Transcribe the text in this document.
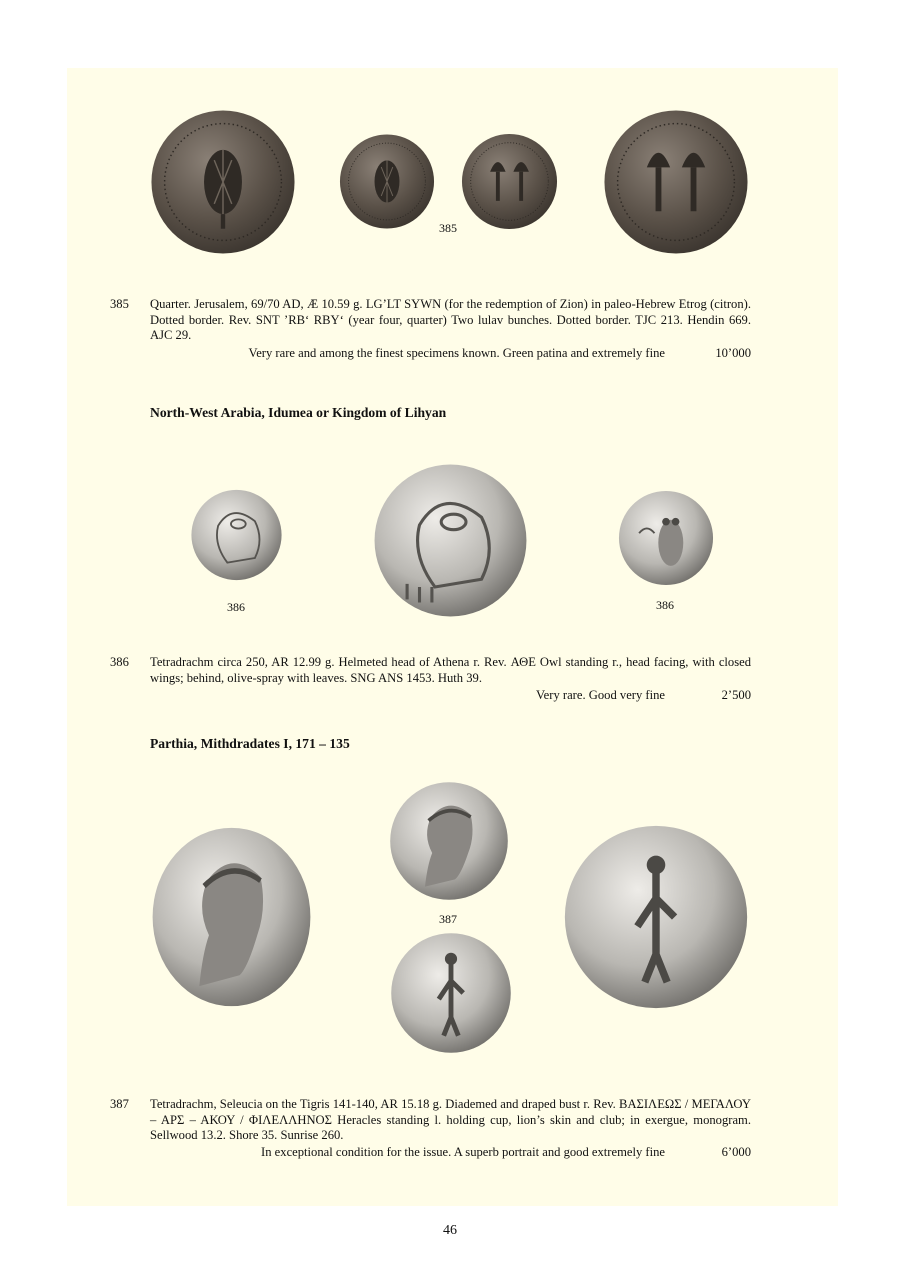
385
385 Quarter. Jerusalem, 69/70 AD, Æ 10.59 g. LG’LT SYWN (for the redemption of Zion) in paleo-Hebrew Etrog (citron). Dotted border. Rev. SNT ’RB‘ RBY‘ (year four, quarter) Two lulav bunches. Dotted border. TJC 213. Hendin 669. AJC 29.
Very rare and among the finest specimens known. Green patina and extremely fine	10’000
North-West Arabia, Idumea or Kingdom of Lihyan
386	386
386 Tetradrachm circa 250, AR 12.99 g. Helmeted head of Athena r. Rev. ΑΘΕ Owl standing r., head facing, with closed wings; behind, olive-spray with leaves. SNG ANS 1453. Huth 39.
Very rare. Good very fine	2’500
Parthia, Mithdradates I, 171 – 135
387
387 Tetradrachm, Seleucia on the Tigris 141-140, AR 15.18 g. Diademed and draped bust r. Rev. ΒΑΣΙΛΕΩΣ / ΜΕΓΑΛΟΥ – ΑΡΣ – ΑΚΟΥ / ΦΙΛΕΛΛΗΝΟΣ Heracles standing l. holding cup, lion’s skin and club; in exergue, monogram. Sellwood 13.2. Shore 35. Sunrise 260.
In exceptional condition for the issue. A superb portrait and good extremely fine	6’000
46
